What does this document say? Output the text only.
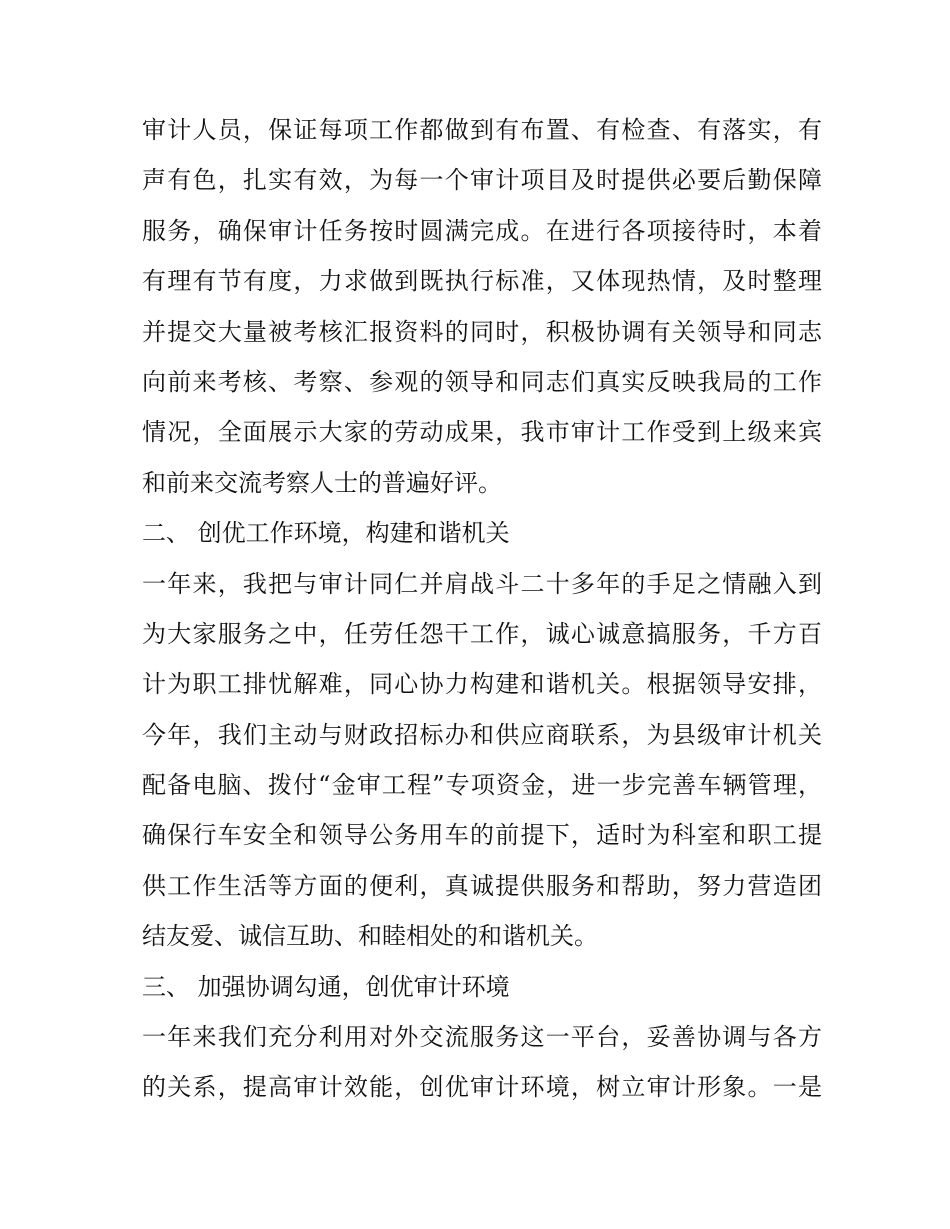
审计人员，保证每项工作都做到有布置、有检查、有落实，有
声有色，扎实有效，为每一个审计项目及时提供必要后勤保障
服务，确保审计任务按时圆满完成。在进行各项接待时，本着
有理有节有度，力求做到既执行标准，又体现热情，及时整理
并提交大量被考核汇报资料的同时，积极协调有关领导和同志
向前来考核、考察、参观的领导和同志们真实反映我局的工作
情况，全面展示大家的劳动成果，我市审计工作受到上级来宾
和前来交流考察人士的普遍好评。
二、 创优工作环境，构建和谐机关
一年来，我把与审计同仁并肩战斗二十多年的手足之情融入到
为大家服务之中，任劳任怨干工作，诚心诚意搞服务，千方百
计为职工排忧解难，同心协力构建和谐机关。根据领导安排，
今年，我们主动与财政招标办和供应商联系，为县级审计机关
配备电脑、拨付“金审工程”专项资金，进一步完善车辆管理，
确保行车安全和领导公务用车的前提下，适时为科室和职工提
供工作生活等方面的便利，真诚提供服务和帮助，努力营造团
结友爱、诚信互助、和睦相处的和谐机关。
三、 加强协调勾通，创优审计环境
一年来我们充分利用对外交流服务这一平台，妥善协调与各方
的关系，提高审计效能，创优审计环境，树立审计形象。一是
